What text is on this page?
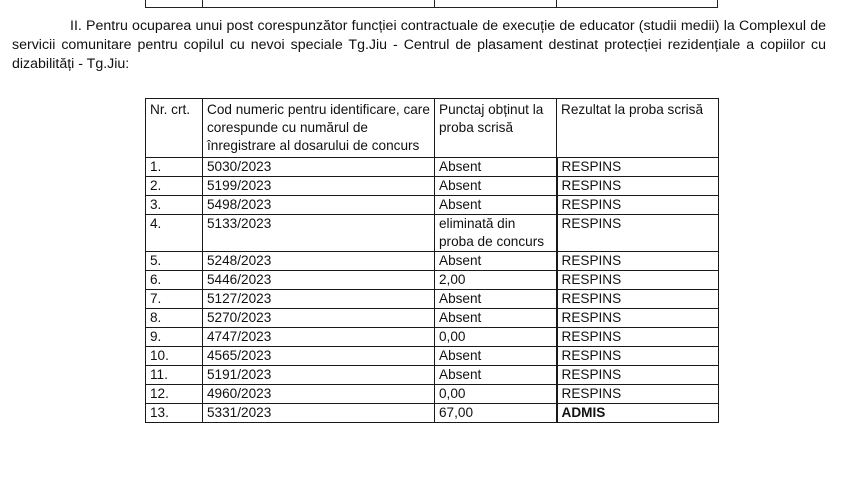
II. Pentru ocuparea unui post corespunzător funcției contractuale de execuție de educator (studii medii) la Complexul de servicii comunitare pentru copilul cu nevoi speciale Tg.Jiu - Centrul de plasament destinat protecției rezidențiale a copiilor cu dizabilități - Tg.Jiu:

Nr. crt.	Cod numeric pentru identificare, care corespunde cu numărul de înregistrare al dosarului de concurs	Punctaj obținut la proba scrisă	Rezultat la proba scrisă
1.	5030/2023	Absent	RESPINS
2.	5199/2023	Absent	RESPINS
3.	5498/2023	Absent	RESPINS
4.	5133/2023	eliminată din proba de concurs	RESPINS
5.	5248/2023	Absent	RESPINS
6.	5446/2023	2,00	RESPINS
7.	5127/2023	Absent	RESPINS
8.	5270/2023	Absent	RESPINS
9.	4747/2023	0,00	RESPINS
10.	4565/2023	Absent	RESPINS
11.	5191/2023	Absent	RESPINS
12.	4960/2023	0,00	RESPINS
13.	5331/2023	67,00	ADMIS
